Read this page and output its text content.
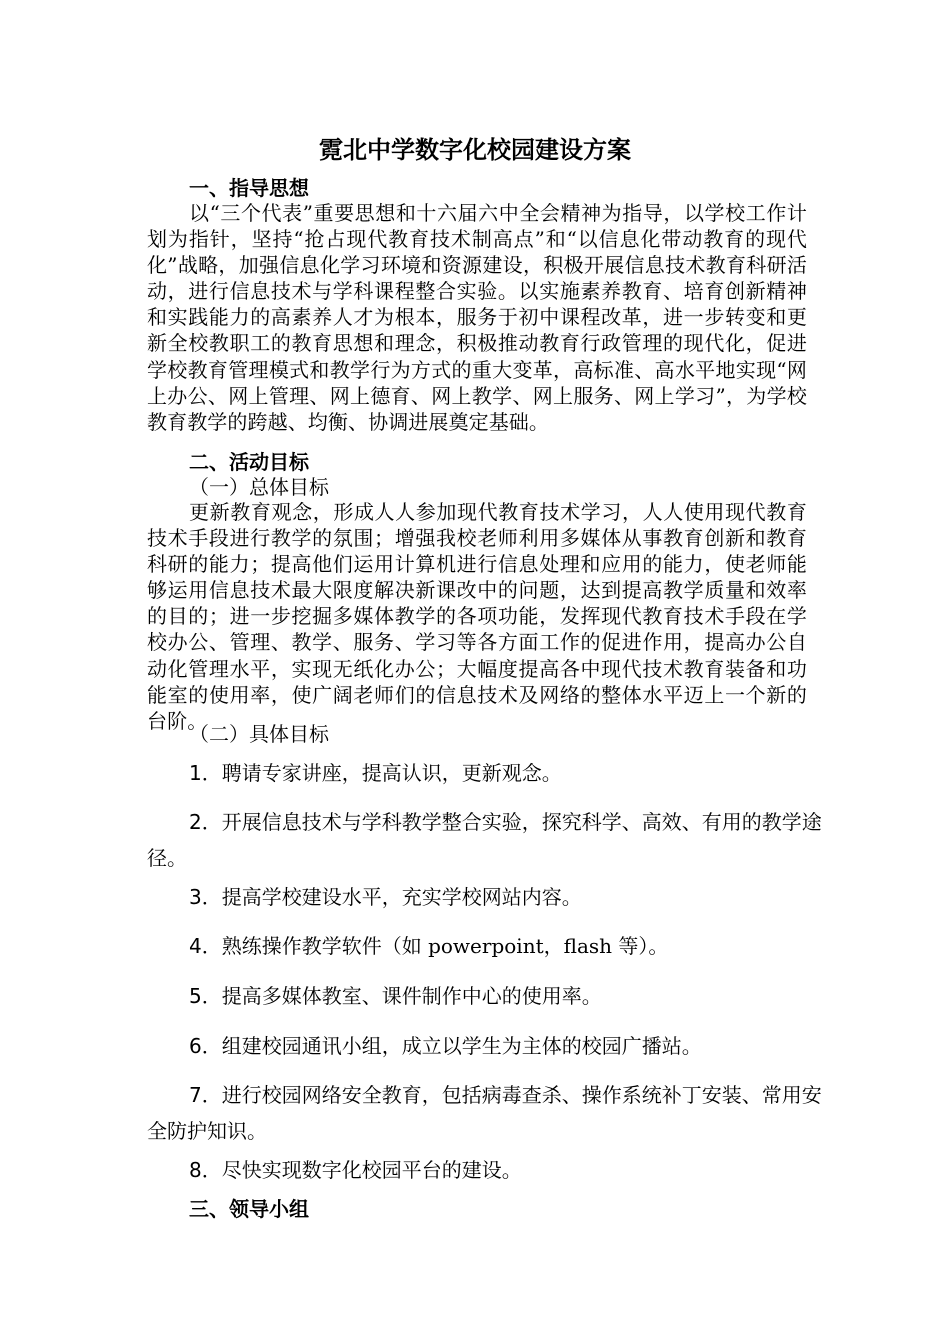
霓北中学数字化校园建设方案
一、指导思想
以“三个代表”重要思想和十六届六中全会精神为指导，以学校工作计划为指针，坚持“抢占现代教育技术制高点”和“以信息化带动教育的现代化”战略，加强信息化学习环境和资源建设，积极开展信息技术教育科研活动，进行信息技术与学科课程整合实验。以实施素养教育、培育创新精神和实践能力的高素养人才为根本，服务于初中课程改革，进一步转变和更新全校教职工的教育思想和理念，积极推动教育行政管理的现代化，促进学校教育管理模式和教学行为方式的重大变革，高标准、高水平地实现“网上办公、网上管理、网上德育、网上教学、网上服务、网上学习”，为学校教育教学的跨越、均衡、协调进展奠定基础。
二、活动目标
（一）总体目标
更新教育观念，形成人人参加现代教育技术学习，人人使用现代教育技术手段进行教学的氛围；增强我校老师利用多媒体从事教育创新和教育科研的能力；提高他们运用计算机进行信息处理和应用的能力，使老师能够运用信息技术最大限度解决新课改中的问题，达到提高教学质量和效率的目的；进一步挖掘多媒体教学的各项功能，发挥现代教育技术手段在学校办公、管理、教学、服务、学习等各方面工作的促进作用，提高办公自动化管理水平，实现无纸化办公；大幅度提高各中现代技术教育装备和功能室的使用率，使广阔老师们的信息技术及网络的整体水平迈上一个新的台阶。
（二）具体目标
1．聘请专家讲座，提高认识，更新观念。
2．开展信息技术与学科教学整合实验，探究科学、高效、有用的教学途径。
3．提高学校建设水平，充实学校网站内容。
4．熟练操作教学软件（如 powerpoint，flash 等）。
5．提高多媒体教室、课件制作中心的使用率。
6．组建校园通讯小组，成立以学生为主体的校园广播站。
7．进行校园网络安全教育，包括病毒查杀、操作系统补丁安装、常用安全防护知识。
8．尽快实现数字化校园平台的建设。
三、领导小组
